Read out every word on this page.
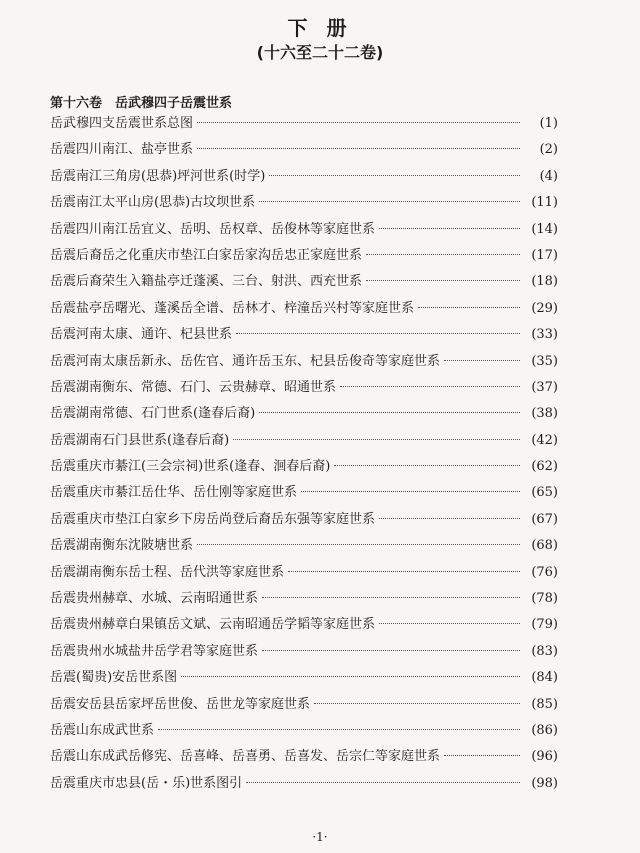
下 册
(十六至二十二卷)
第十六卷　岳武穆四子岳震世系
岳武穆四支岳震世系总图	(1)
岳震四川南江、盐亭世系	(2)
岳震南江三角房(思恭)坪河世系(时学)	(4)
岳震南江太平山房(思恭)古坟坝世系	(11)
岳震四川南江岳宜义、岳明、岳权章、岳俊林等家庭世系	(14)
岳震后裔岳之化重庆市垫江白家岳家沟岳忠正家庭世系	(17)
岳震后裔荣生入籍盐亭迁蓬溪、三台、射洪、西充世系	(18)
岳震盐亭岳曙光、蓬溪岳全谱、岳林才、梓潼岳兴村等家庭世系	(29)
岳震河南太康、通许、杞县世系	(33)
岳震河南太康岳新永、岳佐官、通许岳玉东、杞县岳俊奇等家庭世系	(35)
岳震湖南衡东、常德、石门、云贵赫章、昭通世系	(37)
岳震湖南常德、石门世系(逢春后裔)	(38)
岳震湖南石门县世系(逢春后裔)	(42)
岳震重庆市綦江(三会宗祠)世系(逢春、洄春后裔)	(62)
岳震重庆市綦江岳仕华、岳仕刚等家庭世系	(65)
岳震重庆市垫江白家乡下房岳尚登后裔岳东强等家庭世系	(67)
岳震湖南衡东沈陂塘世系	(68)
岳震湖南衡东岳士程、岳代洪等家庭世系	(76)
岳震贵州赫章、水城、云南昭通世系	(78)
岳震贵州赫章白果镇岳文斌、云南昭通岳学韬等家庭世系	(79)
岳震贵州水城盐井岳学君等家庭世系	(83)
岳震(蜀贵)安岳世系图	(84)
岳震安岳县岳家坪岳世俊、岳世龙等家庭世系	(85)
岳震山东成武世系	(86)
岳震山东成武岳修宪、岳喜峰、岳喜勇、岳喜发、岳宗仁等家庭世系	(96)
岳震重庆市忠县(岳・乐)世系图引	(98)
·1·
